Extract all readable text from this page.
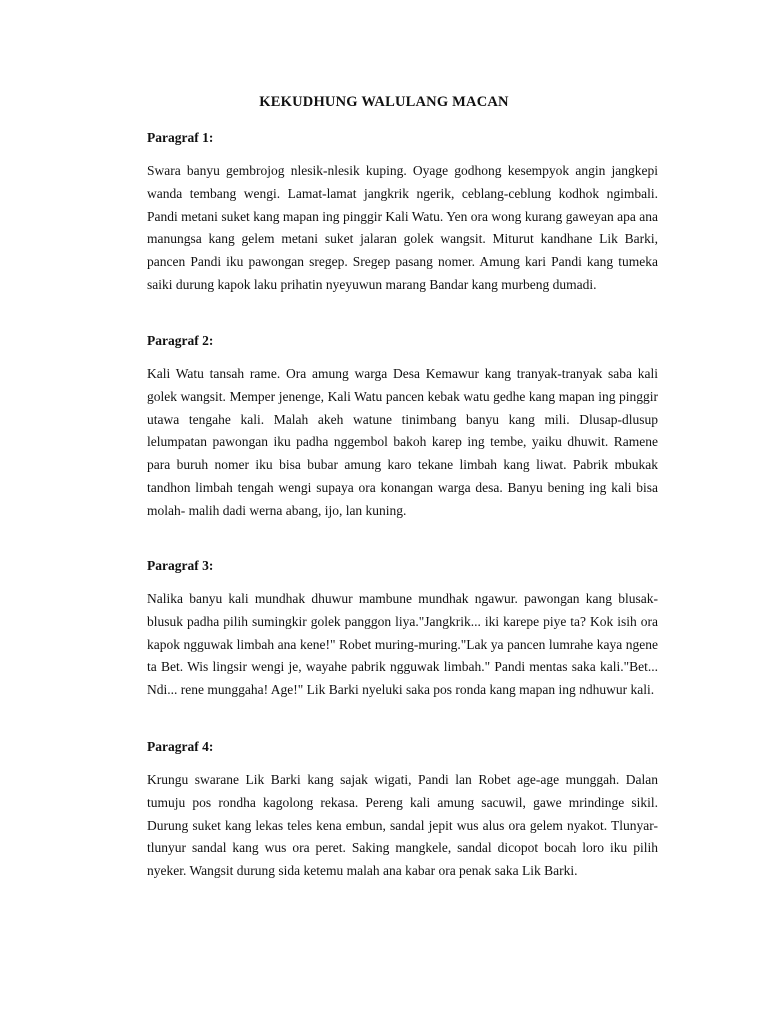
KEKUDHUNG WALULANG MACAN
Paragraf 1:

Swara banyu gembrojog nlesik-nlesik kuping. Oyage godhong kesempyok angin jangkepi wanda tembang wengi. Lamat-lamat jangkrik ngerik, ceblang-ceblung kodhok ngimbali. Pandi metani suket kang mapan ing pinggir Kali Watu. Yen ora wong kurang gaweyan apa ana manungsa kang gelem metani suket jalaran golek wangsit. Miturut kandhane Lik Barki, pancen Pandi iku pawongan sregep. Sregep pasang nomer. Amung kari Pandi kang tumeka saiki durung kapok laku prihatin nyeyuwun marang Bandar kang murbeng dumadi.

Paragraf 2:

Kali Watu tansah rame. Ora amung warga Desa Kemawur kang tranyak-tranyak saba kali golek wangsit. Memper jenenge, Kali Watu pancen kebak watu gedhe kang mapan ing pinggir utawa tengahe kali. Malah akeh watune tinimbang banyu kang mili. Dlusap-dlusup lelumpatan pawongan iku padha nggembol bakoh karep ing tembe, yaiku dhuwit. Ramene para buruh nomer iku bisa bubar amung karo tekane limbah kang liwat. Pabrik mbukak tandhon limbah tengah wengi supaya ora konangan warga desa. Banyu bening ing kali bisa molah- malih dadi werna abang, ijo, lan kuning.

Paragraf 3:

Nalika banyu kali mundhak dhuwur mambune mundhak ngawur. pawongan kang blusak-blusuk padha pilih sumingkir golek panggon liya."Jangkrik... iki karepe piye ta? Kok isih ora kapok ngguwak limbah ana kene!" Robet muring-muring."Lak ya pancen lumrahe kaya ngene ta Bet. Wis lingsir wengi je, wayahe pabrik ngguwak limbah." Pandi mentas saka kali."Bet... Ndi... rene munggaha! Age!" Lik Barki nyeluki saka pos ronda kang mapan ing ndhuwur kali.

Paragraf 4:

Krungu swarane Lik Barki kang sajak wigati, Pandi lan Robet age-age munggah. Dalan tumuju pos rondha kagolong rekasa. Pereng kali amung sacuwil, gawe mrindinge sikil. Durung suket kang lekas teles kena embun, sandal jepit wus alus ora gelem nyakot. Tlunyar-tlunyur sandal kang wus ora peret. Saking mangkele, sandal dicopot bocah loro iku pilih nyeker. Wangsit durung sida ketemu malah ana kabar ora penak saka Lik Barki.
